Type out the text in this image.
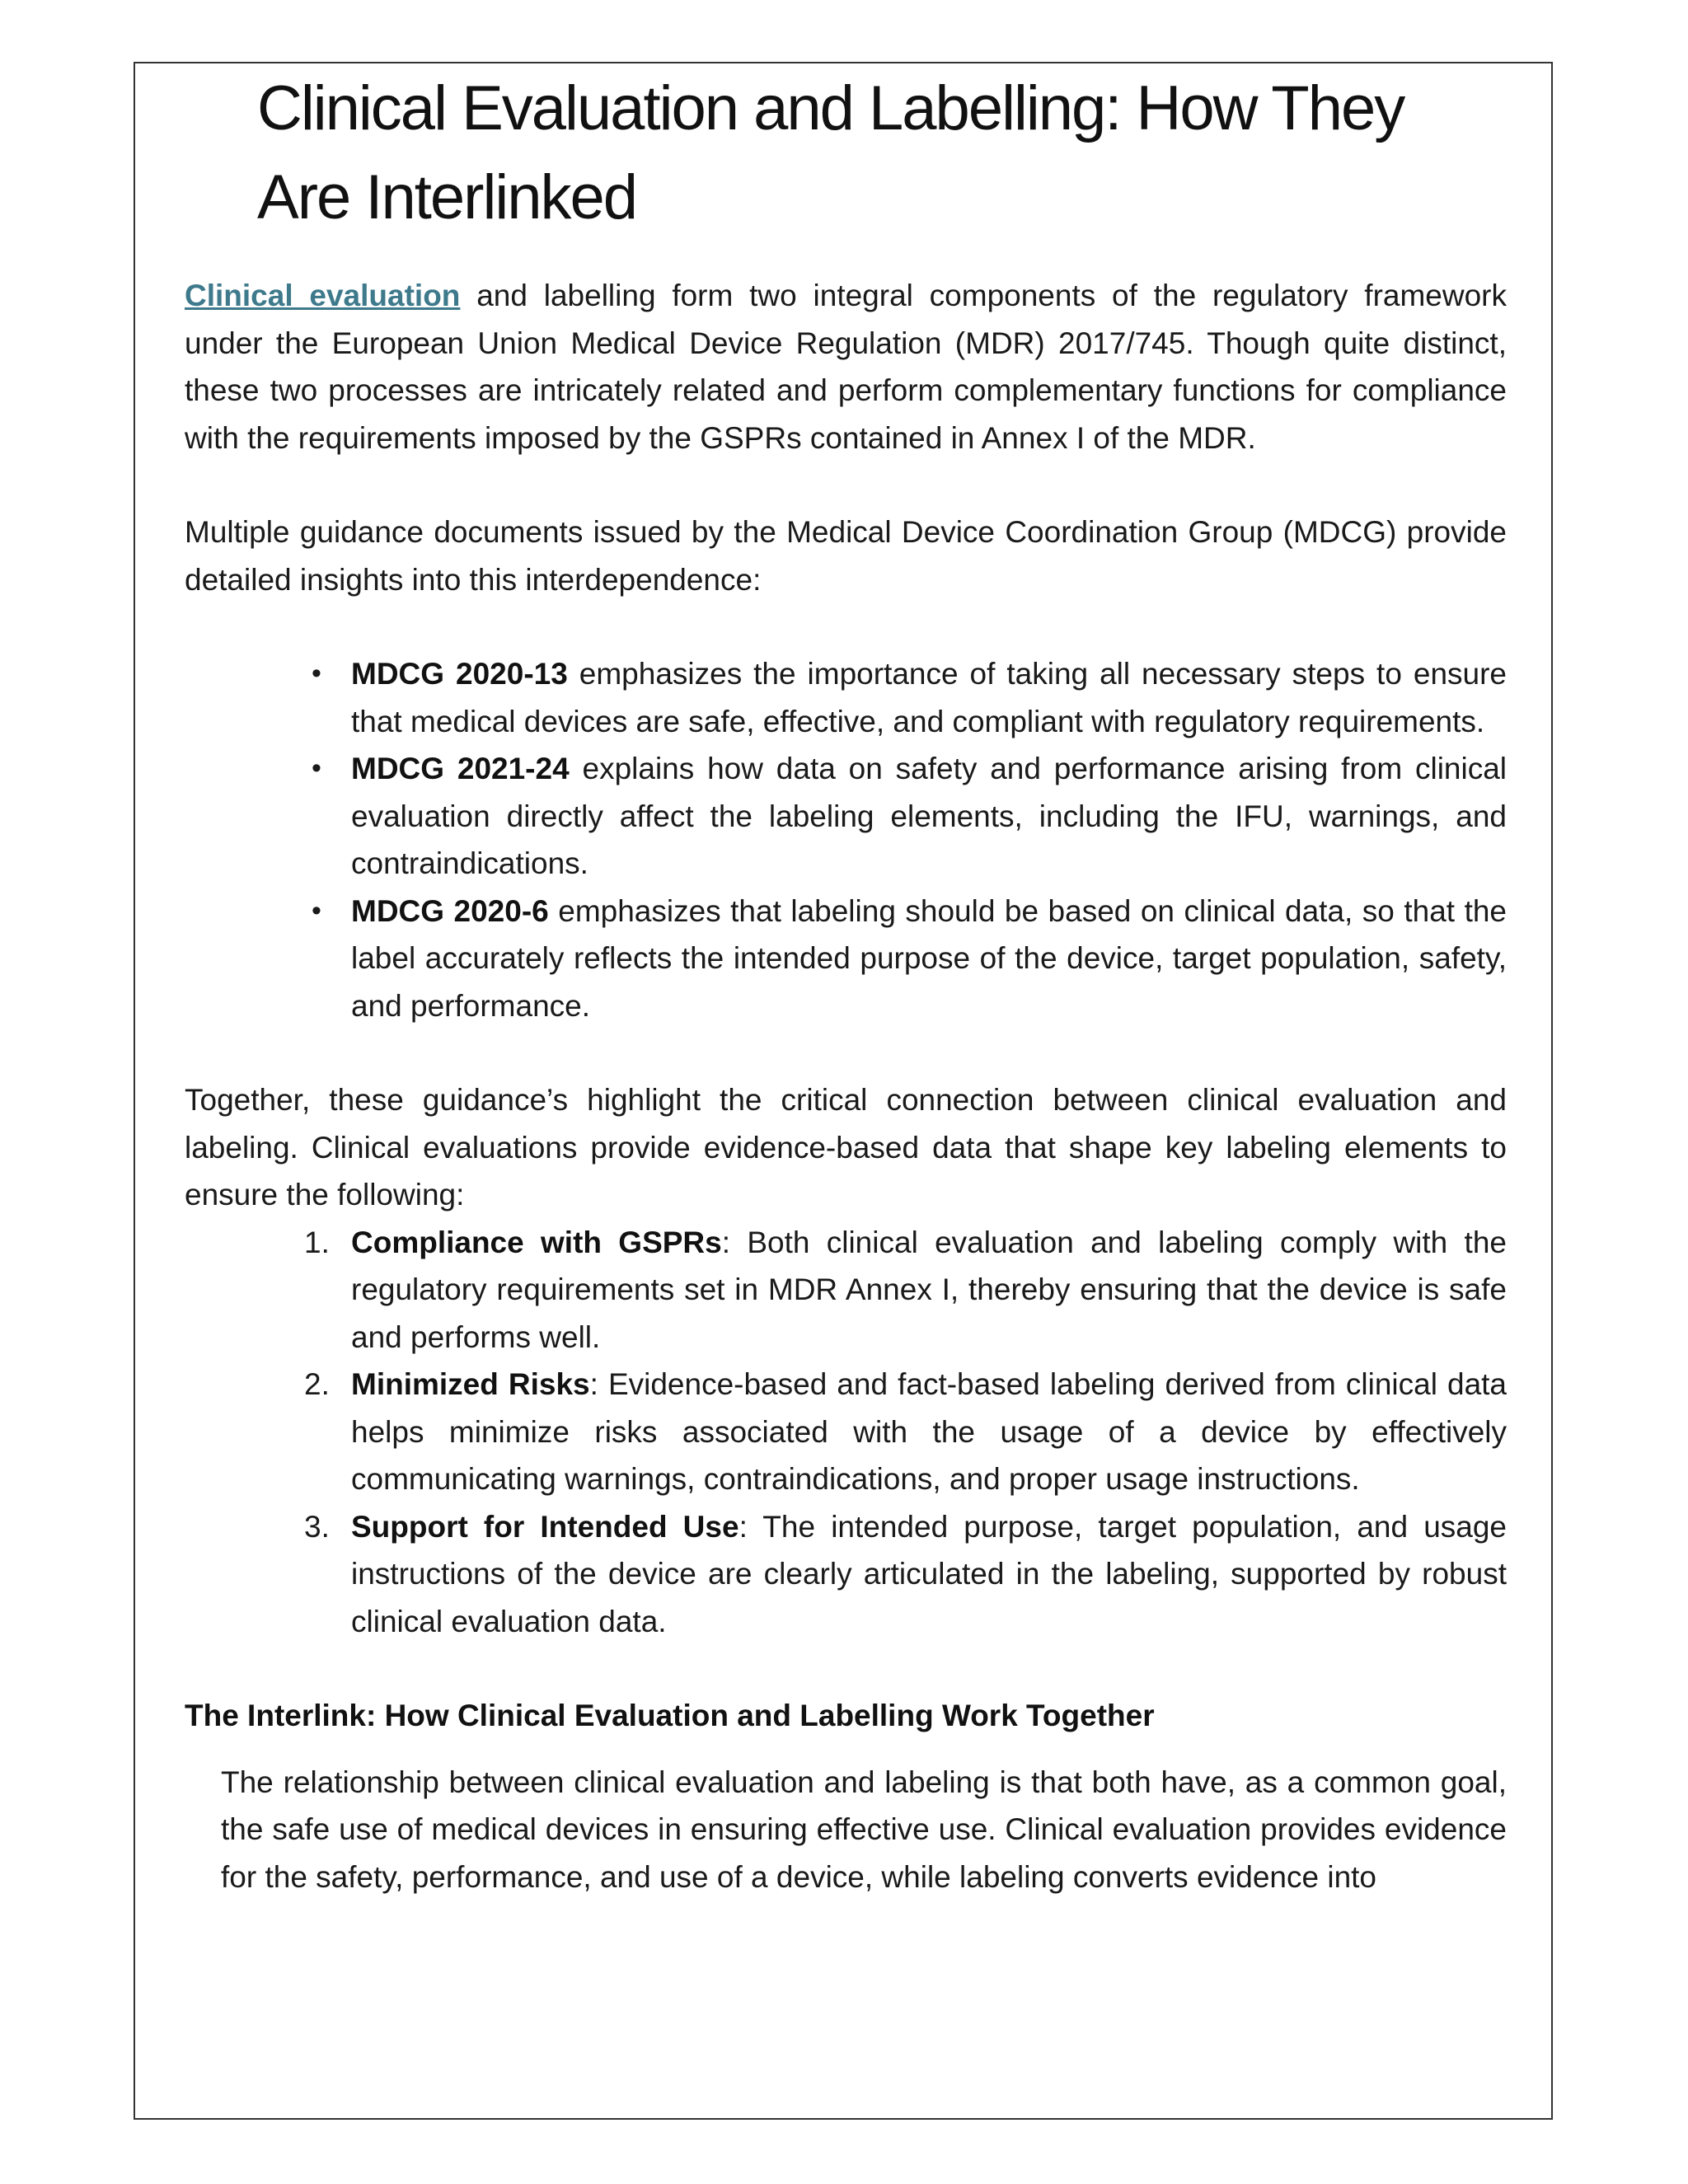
Clinical Evaluation and Labelling: How They Are Interlinked

Clinical evaluation and labelling form two integral components of the regulatory framework under the European Union Medical Device Regulation (MDR) 2017/745. Though quite distinct, these two processes are intricately related and perform complementary functions for compliance with the requirements imposed by the GSPRs contained in Annex I of the MDR.

Multiple guidance documents issued by the Medical Device Coordination Group (MDCG) provide detailed insights into this interdependence:

• MDCG 2020-13 emphasizes the importance of taking all necessary steps to ensure that medical devices are safe, effective, and compliant with regulatory requirements.
• MDCG 2021-24 explains how data on safety and performance arising from clinical evaluation directly affect the labeling elements, including the IFU, warnings, and contraindications.
• MDCG 2020-6 emphasizes that labeling should be based on clinical data, so that the label accurately reflects the intended purpose of the device, target population, safety, and performance.

Together, these guidance’s highlight the critical connection between clinical evaluation and labeling. Clinical evaluations provide evidence-based data that shape key labeling elements to ensure the following:

1. Compliance with GSPRs: Both clinical evaluation and labeling comply with the regulatory requirements set in MDR Annex I, thereby ensuring that the device is safe and performs well.
2. Minimized Risks: Evidence-based and fact-based labeling derived from clinical data helps minimize risks associated with the usage of a device by effectively communicating warnings, contraindications, and proper usage instructions.
3. Support for Intended Use: The intended purpose, target population, and usage instructions of the device are clearly articulated in the labeling, supported by robust clinical evaluation data.

The Interlink: How Clinical Evaluation and Labelling Work Together

The relationship between clinical evaluation and labeling is that both have, as a common goal, the safe use of medical devices in ensuring effective use. Clinical evaluation provides evidence for the safety, performance, and use of a device, while labeling converts evidence into
